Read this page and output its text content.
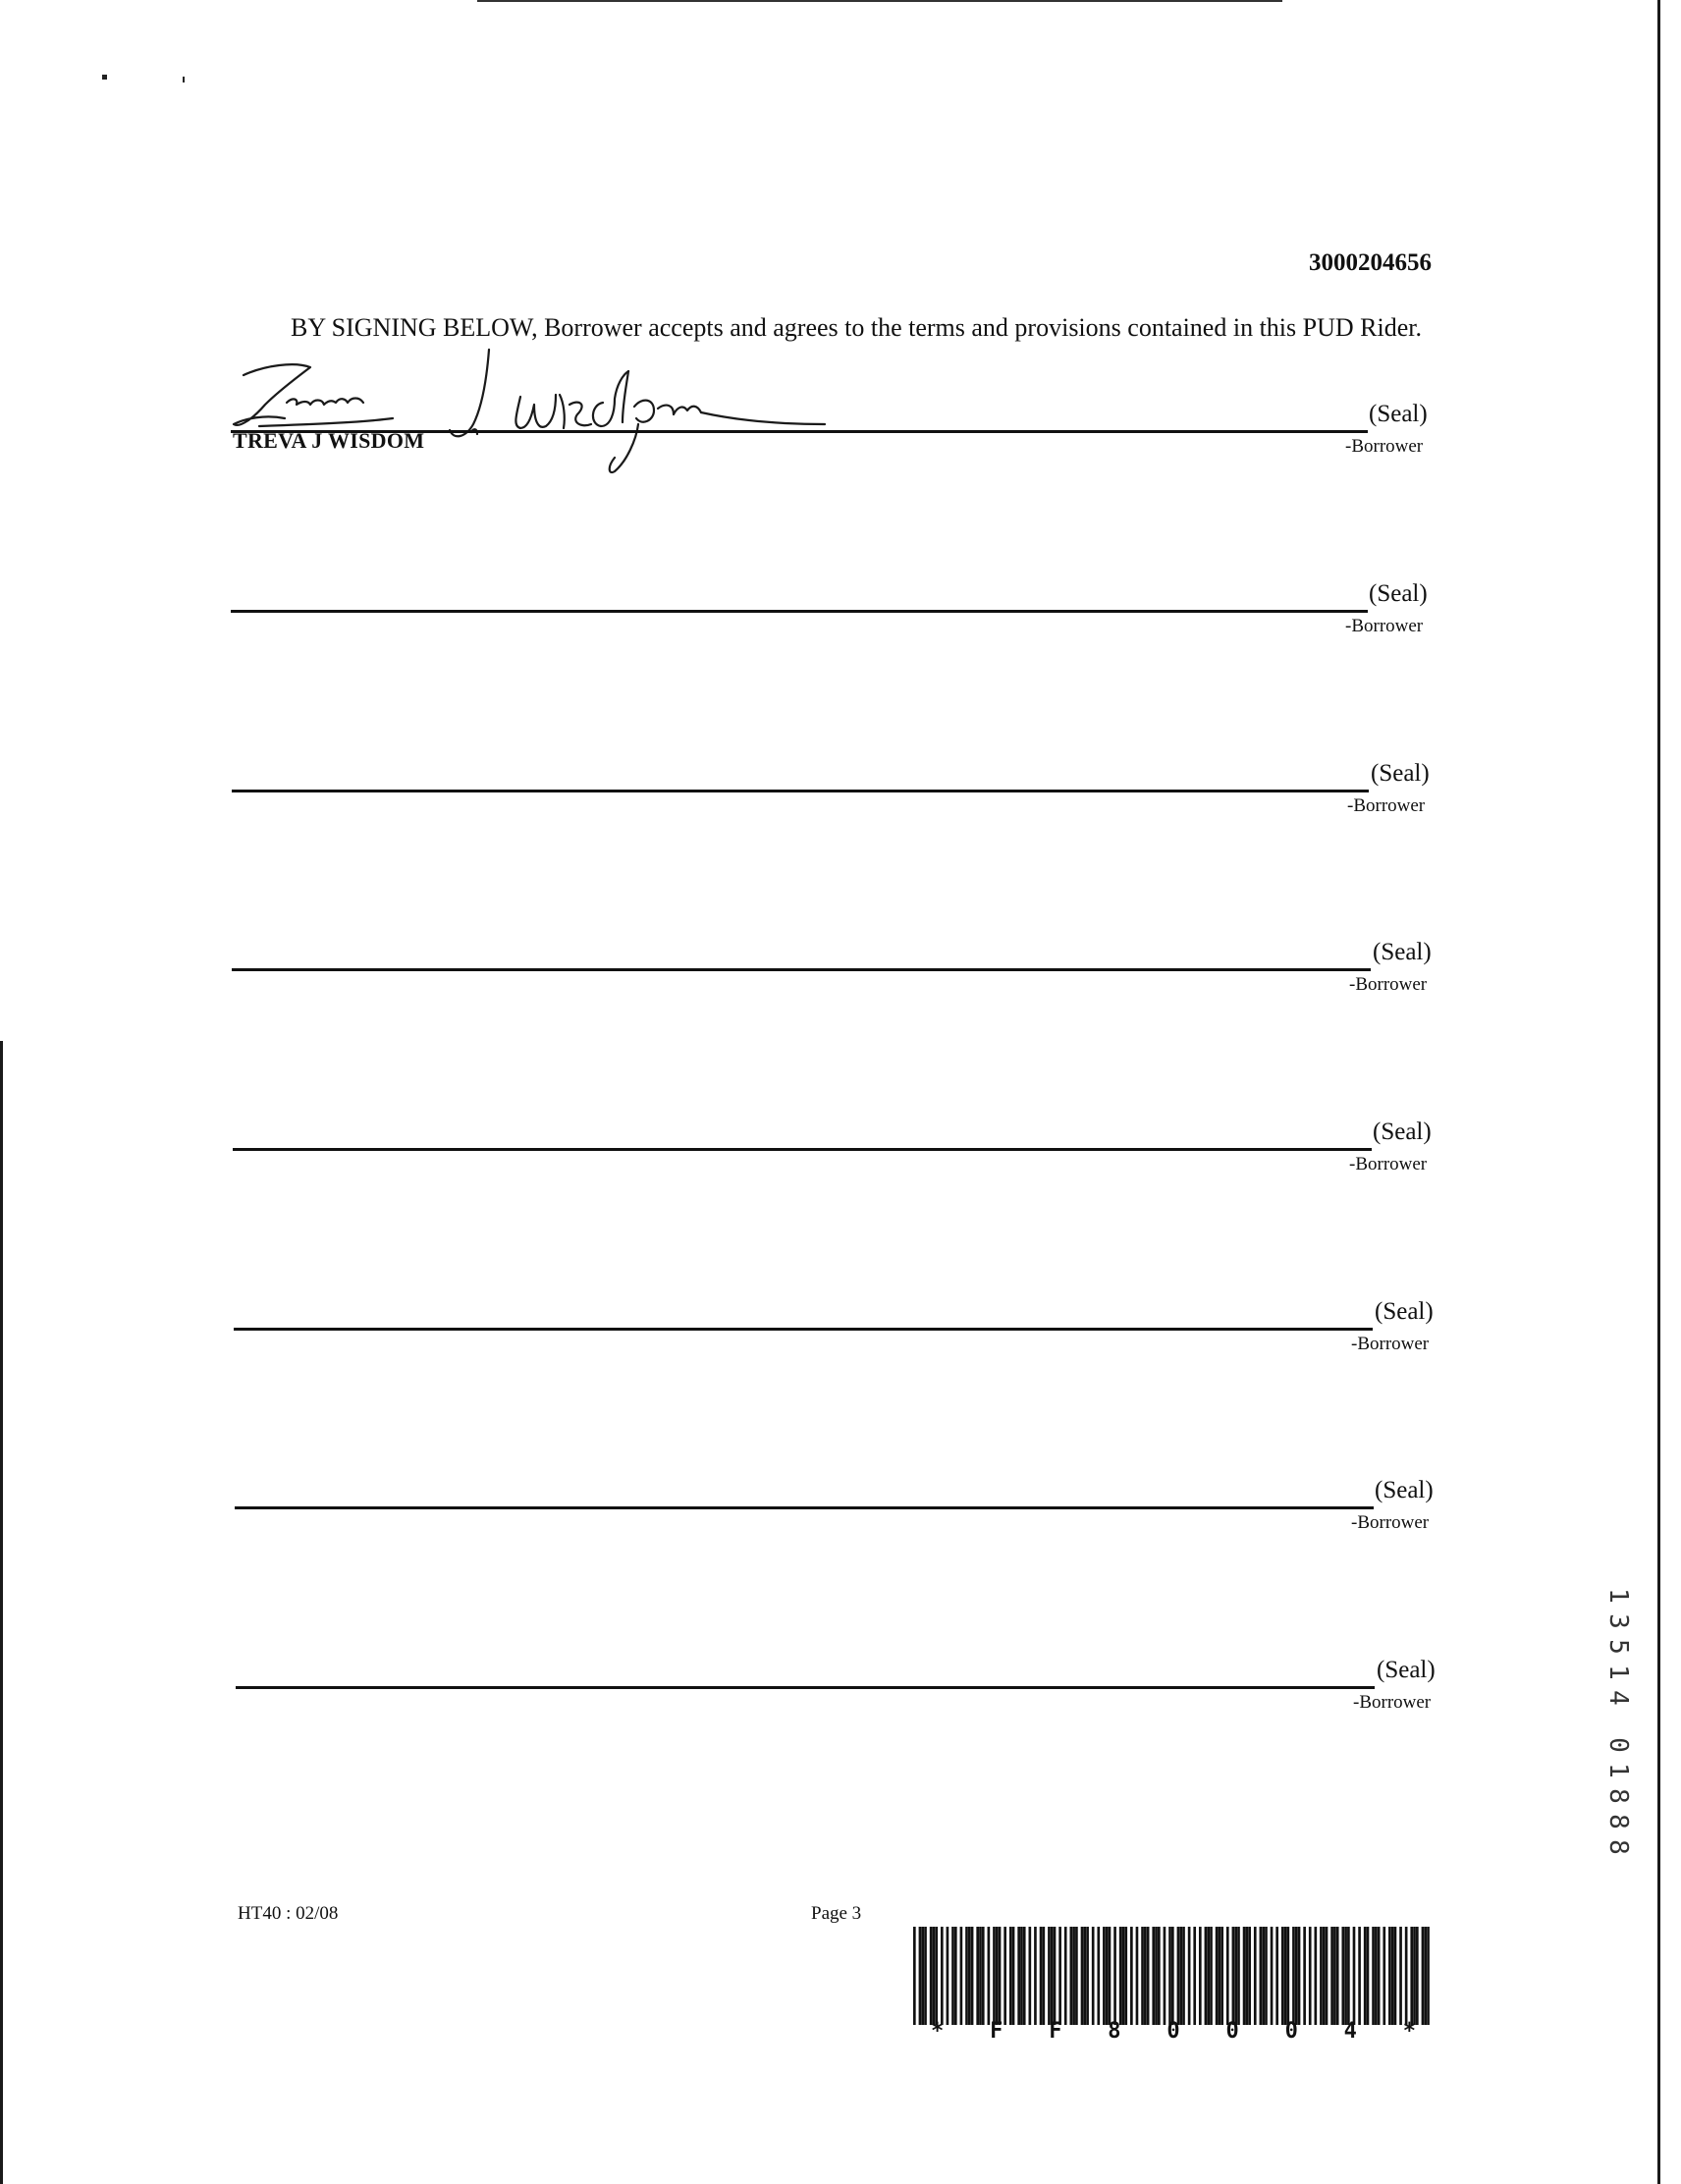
3000204656
BY SIGNING BELOW, Borrower accepts and agrees to the terms and provisions contained in this PUD Rider.
(Seal)
-Borrower
TREVA J WISDOM
(Seal)
-Borrower
(Seal)
-Borrower
(Seal)
-Borrower
(Seal)
-Borrower
(Seal)
-Borrower
(Seal)
-Borrower
(Seal)
-Borrower
1
3
5
1
4
0
1
8
8
8
HT40 : 02/08	Page 3
* F F 8 0 0 0 4 *
